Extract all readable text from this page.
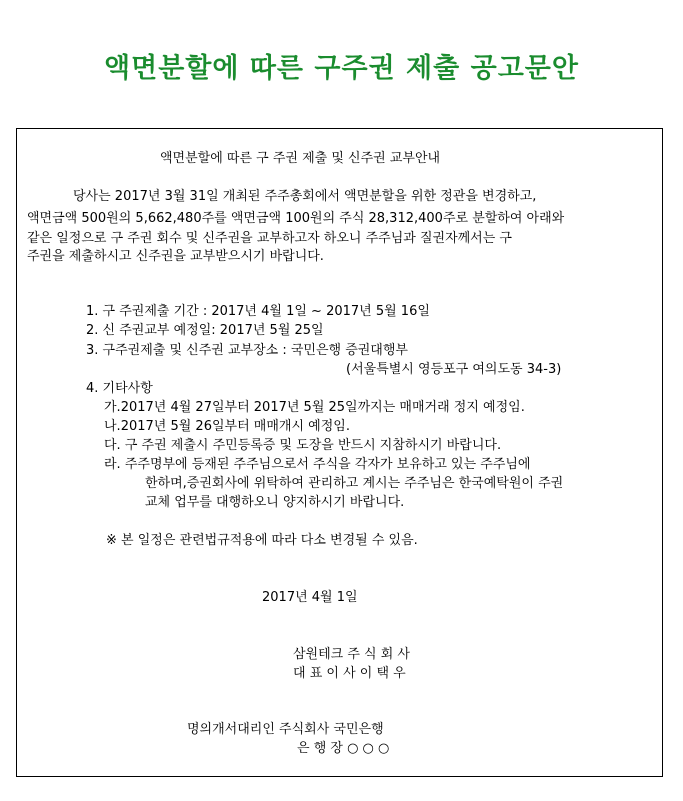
액면분할에 따른 구주권 제출 공고문안
액면분할에 따른 구 주권 제출 및 신주권 교부안내
당사는 2017년 3월 31일 개최된 주주총회에서 액면분할을 위한 정관을 변경하고,
액면금액 500원의 5,662,480주를 액면금액 100원의 주식 28,312,400주로 분할하여 아래와
같은 일정으로 구 주권 회수 및 신주권을 교부하고자 하오니 주주님과 질권자께서는 구
주권을 제출하시고 신주권을 교부받으시기 바랍니다.
1. 구 주권제출 기간 : 2017년 4월 1일 ~ 2017년 5월 16일
2. 신 주권교부 예정일: 2017년 5월 25일
3. 구주권제출 및 신주권 교부장소 : 국민은행 증권대행부
(서울특별시 영등포구 여의도동 34-3)
4. 기타사항
가.2017년 4월 27일부터 2017년 5월 25일까지는 매매거래 정지 예정임.
나.2017년 5월 26일부터 매매개시 예정임.
다. 구 주권 제출시 주민등록증 및 도장을 반드시 지참하시기 바랍니다.
라. 주주명부에 등재된 주주님으로서 주식을 각자가 보유하고 있는 주주님에
한하며,증권회사에 위탁하여 관리하고 계시는 주주님은 한국예탁원이 주권
교체 업무를 대행하오니 양지하시기 바랍니다.
※ 본 일정은 관련법규적용에 따라 다소 변경될 수 있음.
2017년 4월 1일
삼원테크 주 식 회 사
대 표 이 사 이 택 우
명의개서대리인 주식회사 국민은행
은 행 장 ○ ○ ○
